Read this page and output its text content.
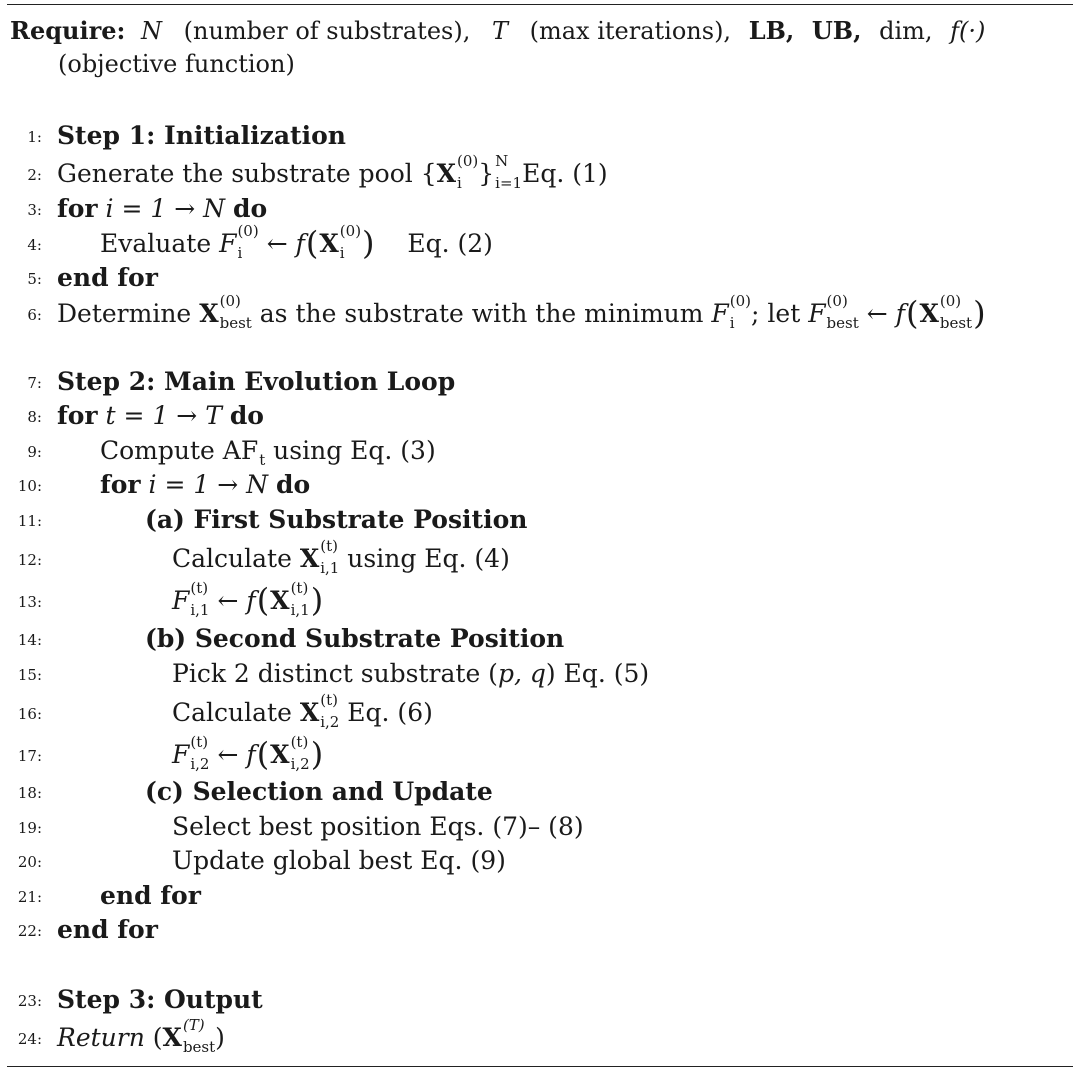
Require: N (number of substrates), T (max iterations), LB, UB, dim, f(·)
(objective function)
1: Step 1: Initialization
2: Generate the substrate pool { X (0)
i } N
i=1 Eq. (1)
3: for i = 1 → N do
4: Evaluate F (0)
i ← f ( X (0)
i ) Eq. (2)
5: end for
6: Determine X (0)
best as the substrate with the minimum F (0)
i ; let F (0)
best ← f ( X (0)
best )
7: Step 2: Main Evolution Loop
8: for t = 1 → T do
9: Compute AF
t using Eq. (3)
10: for i = 1 → N do
11:	(a) First Substrate Position
12:	Calculate X (t)
i,1 using Eq. (4)
13:	F (t)
i,1 ← f ( X (t)
i,1 )
14:	(b) Second Substrate Position
15:	Pick 2 distinct substrate ( p, q ) Eq. (5)
16:	Calculate X (t)
i,2 Eq. (6)
17:	F (t)
i,2 ← f ( X (t)
i,2 )
18:	(c) Selection and Update
19:	Select best position Eqs. (7)– (8)
20:	Update global best Eq. (9)
21: end for
22: end for
23: Step 3: Output
24: Return ( X (T)
best )
